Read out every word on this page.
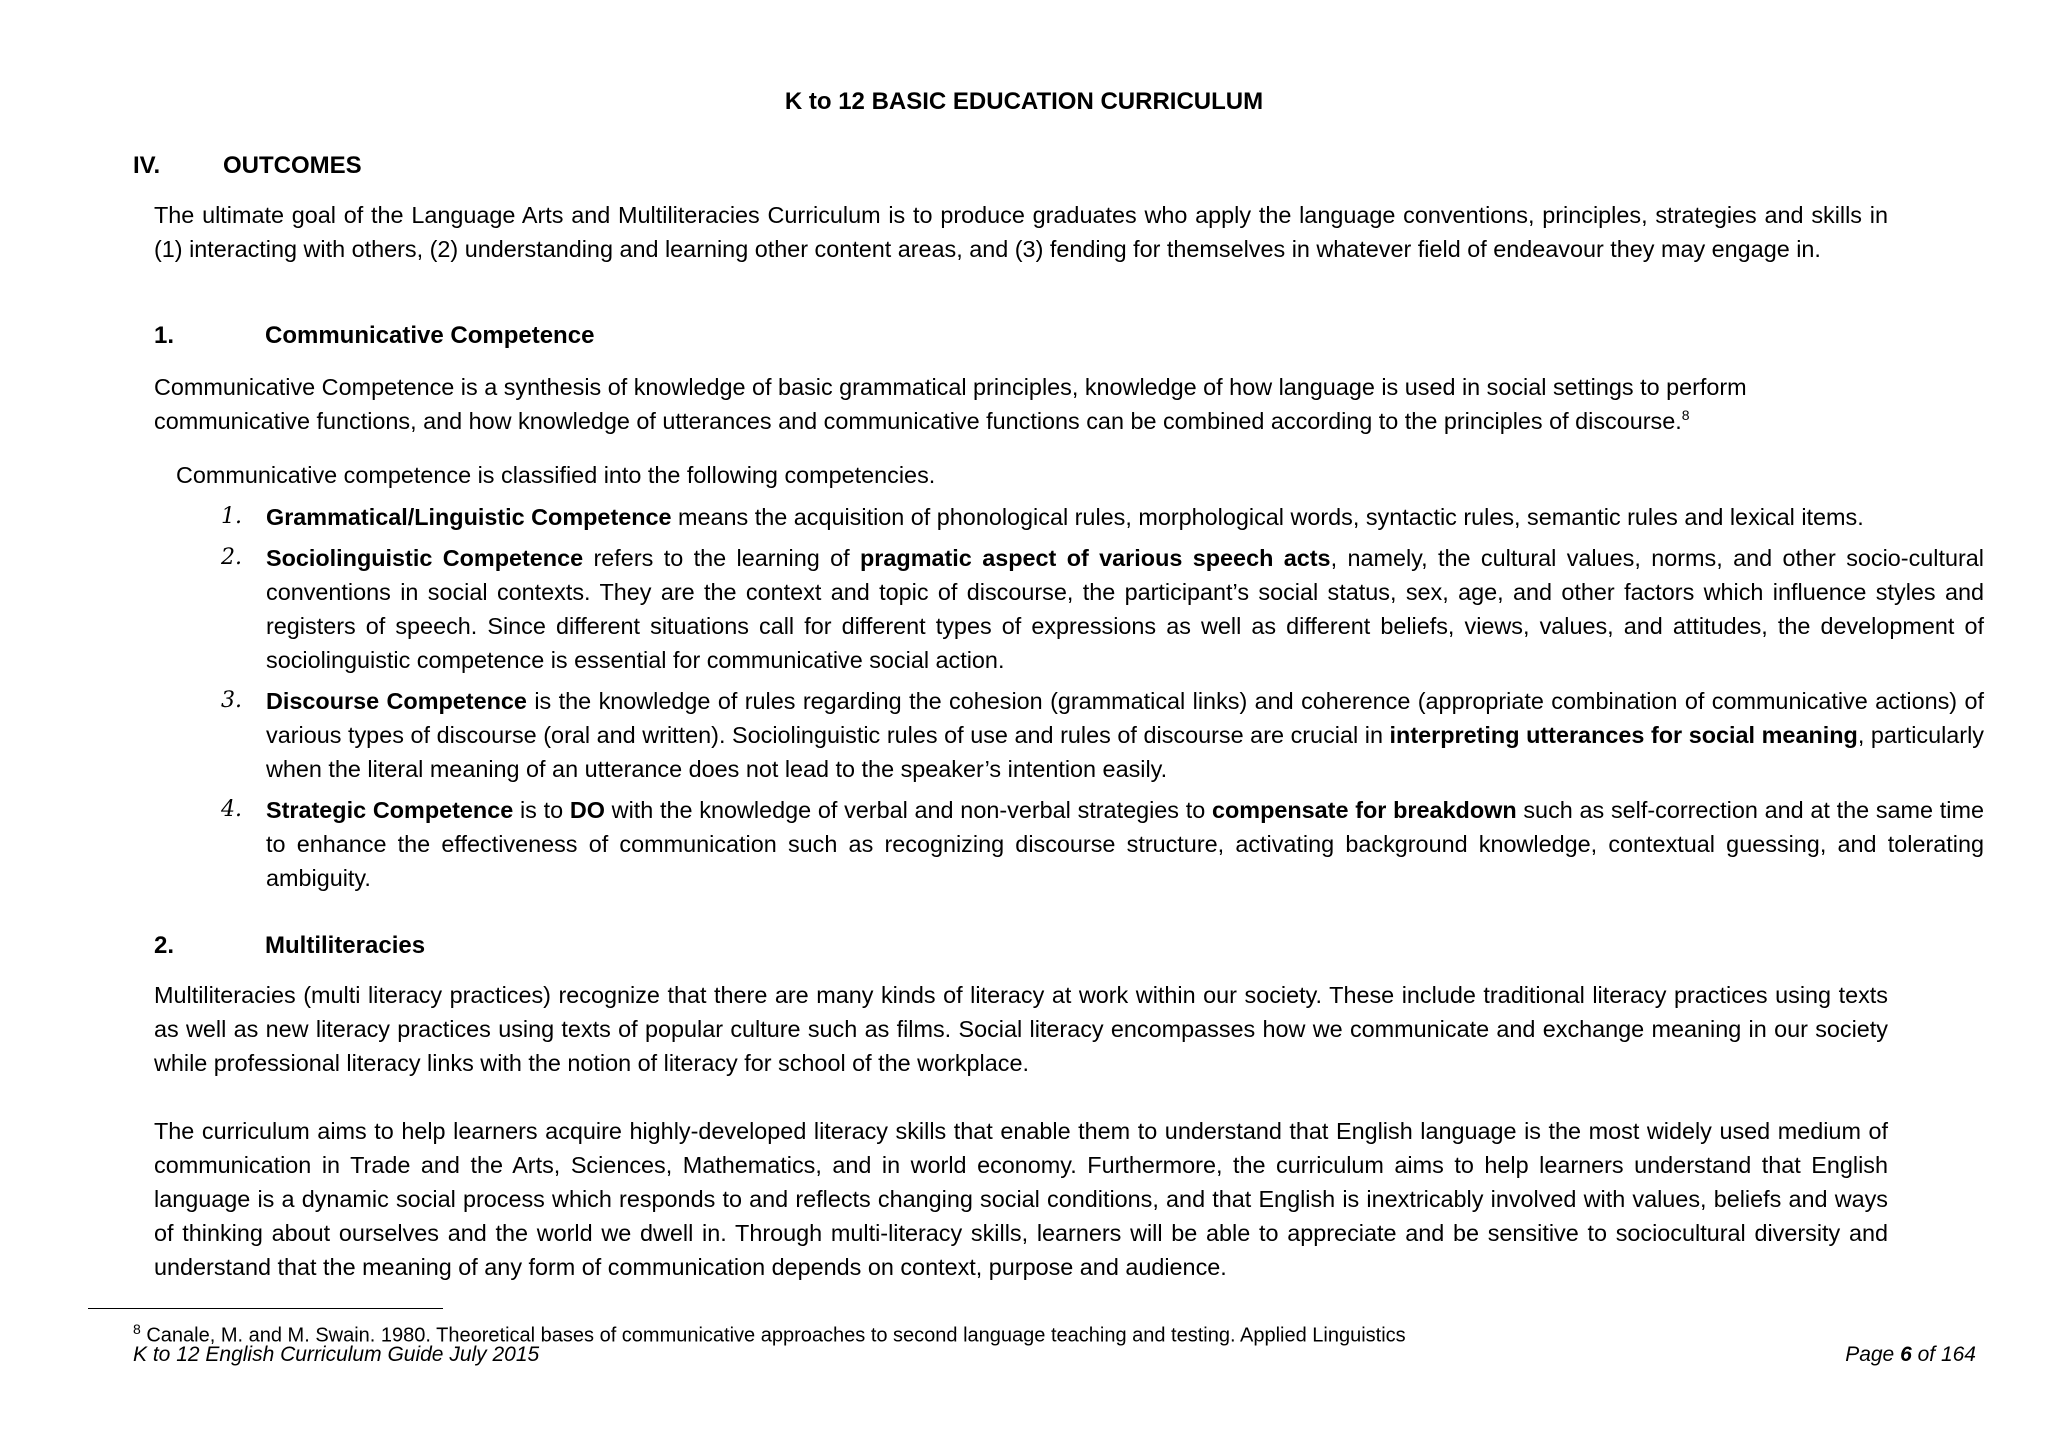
K to 12 BASIC EDUCATION CURRICULUM
IV.	OUTCOMES
The ultimate goal of the Language Arts and Multiliteracies Curriculum is to produce graduates who apply the language conventions, principles, strategies and skills in (1) interacting with others, (2) understanding and learning other content areas, and (3) fending for themselves in whatever field of endeavour they may engage in.
1.	Communicative Competence
Communicative Competence is a synthesis of knowledge of basic grammatical principles, knowledge of how language is used in social settings to perform communicative functions, and how knowledge of utterances and communicative functions can be combined according to the principles of discourse.$^8$
Communicative competence is classified into the following competencies.
1. Grammatical/Linguistic Competence means the acquisition of phonological rules, morphological words, syntactic rules, semantic rules and lexical items.
2. Sociolinguistic Competence refers to the learning of pragmatic aspect of various speech acts, namely, the cultural values, norms, and other socio-cultural conventions in social contexts. They are the context and topic of discourse, the participant’s social status, sex, age, and other factors which influence styles and registers of speech. Since different situations call for different types of expressions as well as different beliefs, views, values, and attitudes, the development of sociolinguistic competence is essential for communicative social action.
3. Discourse Competence is the knowledge of rules regarding the cohesion (grammatical links) and coherence (appropriate combination of communicative actions) of various types of discourse (oral and written). Sociolinguistic rules of use and rules of discourse are crucial in interpreting utterances for social meaning, particularly when the literal meaning of an utterance does not lead to the speaker’s intention easily.
4. Strategic Competence is to DO with the knowledge of verbal and non-verbal strategies to compensate for breakdown such as self-correction and at the same time to enhance the effectiveness of communication such as recognizing discourse structure, activating background knowledge, contextual guessing, and tolerating ambiguity.
2.	Multiliteracies
Multiliteracies (multi literacy practices) recognize that there are many kinds of literacy at work within our society. These include traditional literacy practices using texts as well as new literacy practices using texts of popular culture such as films. Social literacy encompasses how we communicate and exchange meaning in our society while professional literacy links with the notion of literacy for school of the workplace.
The curriculum aims to help learners acquire highly-developed literacy skills that enable them to understand that English language is the most widely used medium of communication in Trade and the Arts, Sciences, Mathematics, and in world economy. Furthermore, the curriculum aims to help learners understand that English language is a dynamic social process which responds to and reflects changing social conditions, and that English is inextricably involved with values, beliefs and ways of thinking about ourselves and the world we dwell in. Through multi-literacy skills, learners will be able to appreciate and be sensitive to sociocultural diversity and understand that the meaning of any form of communication depends on context, purpose and audience.
$^8$ Canale, M. and M. Swain. 1980. Theoretical bases of communicative approaches to second language teaching and testing. Applied Linguistics
K to 12 English Curriculum Guide July 2015	Page 6 of 164
